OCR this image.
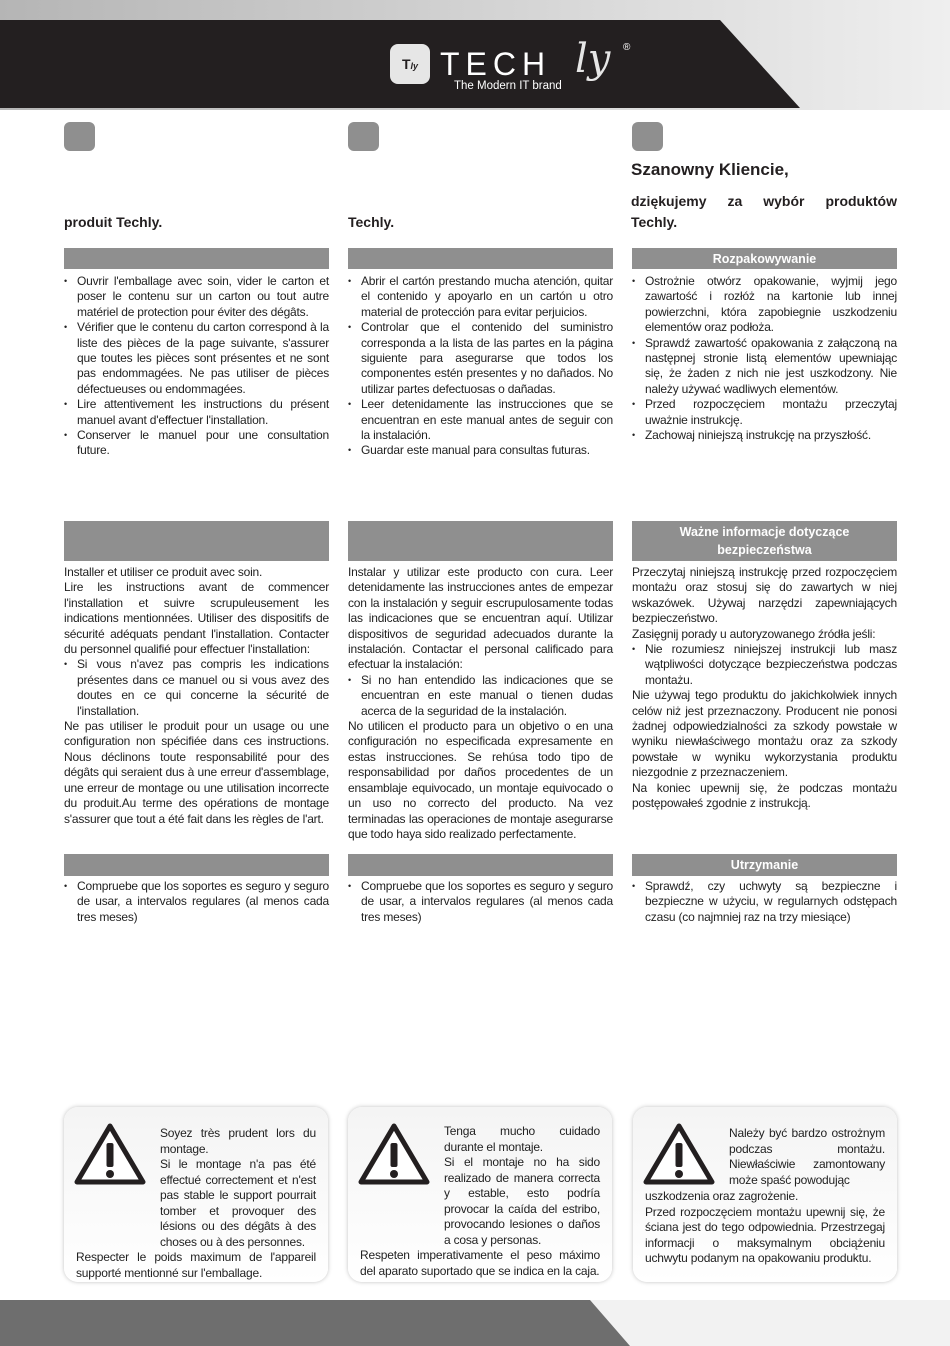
Tly TECH ly ®
The Modern IT brand
produit Techly.	Techly.
Szanowny Kliencie,
dziękujemy za wybór produktów
Techly.
Rozpakowywanie
• Ouvrir l'emballage avec soin, vider le carton et poser le contenu sur un carton ou tout autre matériel de protection pour éviter des dégâts.
• Vérifier que le contenu du carton correspond à la liste des pièces de la page suivante, s'assurer que toutes les pièces sont présentes et ne sont pas endommagées. Ne pas utiliser de pièces défectueuses ou endommagées.
• Lire attentivement les instructions du présent manuel avant d'effectuer l'installation.
• Conserver le manuel pour une consultation future.
• Abrir el cartón prestando mucha atención, quitar el contenido y apoyarlo en un cartón u otro material de protección para evitar perjuicios.
• Controlar que el contenido del suministro corresponda a la lista de las partes en la página siguiente para asegurarse que todos los componentes estén presentes y no dañados. No utilizar partes defectuosas o dañadas.
• Leer detenidamente las instrucciones que se encuentran en este manual antes de seguir con la instalación.
• Guardar este manual para consultas futuras.
• Ostrożnie otwórz opakowanie, wyjmij jego zawartość i rozłóż na kartonie lub innej powierzchni, która zapobiegnie uszkodzeniu elementów oraz podłoża.
• Sprawdź zawartość opakowania z załączoną na następnej stronie listą elementów upewniając się, że żaden z nich nie jest uszkodzony. Nie należy używać wadliwych elementów.
• Przed rozpoczęciem montażu przeczytaj uważnie instrukcję.
• Zachowaj niniejszą instrukcję na przyszłość.
Ważne informacje dotyczące
bezpieczeństwa

Installer et utiliser ce produit avec soin.

Lire les instructions avant de commencer l'installation et suivre scrupuleusement les indications mentionnées. Utiliser des dispositifs de sécurité adéquats pendant l'installation. Contacter du personnel qualifié pour effectuer l'installation:

• Si vous n'avez pas compris les indications présentes dans ce manuel ou si vous avez des doutes en ce qui concerne la sécurité de l'installation.

Ne pas utiliser le produit pour un usage ou une configuration non spécifiée dans ces instructions. Nous déclinons toute responsabilité pour des dégâts qui seraient dus à une erreur d'assemblage, une erreur de montage ou une utilisation incorrecte du produit.Au terme des opérations de montage s'assurer que tout a été fait dans les règles de l'art.

Instalar y utilizar este producto con cura. Leer detenidamente las instrucciones antes de empezar con la instalación y seguir escrupulosamente todas las indicaciones que se encuentran aquí. Utilizar dispositivos de seguridad adecuados durante la instalación. Contactar el personal calificado para efectuar la instalación:

• Si no han entendido las indicaciones que se encuentran en este manual o tienen dudas acerca de la seguridad de la instalación.

No utilicen el producto para un objetivo o en una configuración no especificada expresamente en estas instrucciones. Se rehúsa todo tipo de responsabilidad por daños procedentes de un ensamblaje equivocado, un montaje equivocado o un uso no correcto del producto. Na vez terminadas las operaciones de montaje asegurarse que todo haya sido realizado perfectamente.

Przeczytaj niniejszą instrukcję przed rozpoczęciem montażu oraz stosuj się do zawartych w niej wskazówek. Używaj narzędzi zapewniających bezpieczeństwo.

Zasięgnij porady u autoryzowanego źródła jeśli:

• Nie rozumiesz niniejszej instrukcji lub masz wątpliwości dotyczące bezpieczeństwa podczas montażu.

Nie używaj tego produktu do jakichkolwiek innych celów niż jest przeznaczony. Producent nie ponosi żadnej odpowiedzialności za szkody powstałe w wyniku niewłaściwego montażu oraz za szkody powstałe w wyniku wykorzystania produktu niezgodnie z przeznaczeniem.

Na koniec upewnij się, że podczas montażu postępowałeś zgodnie z instrukcją.

Utrzymanie
• Compruebe que los soportes es seguro y seguro de usar, a intervalos regulares (al menos cada tres meses)
• Compruebe que los soportes es seguro y seguro de usar, a intervalos regulares (al menos cada tres meses)
• Sprawdź, czy uchwyty są bezpieczne i bezpieczne w użyciu, w regularnych odstępach czasu (co najmniej raz na trzy miesiące)
Soyez très prudent lors du montage.

Si le montage n'a pas été effectué correctement et n'est pas stable le support pourrait tomber et provoquer des lésions ou des dégâts à des choses ou à des personnes.

Respecter le poids maximum de l'appareil supporté mentionné sur l'emballage.

Tenga mucho cuidado durante el montaje.

Si el montaje no ha sido realizado de manera correcta y estable, esto podría provocar la caída del estribo, provocando lesiones o daños a cosa y personas.

Respeten imperativamente el peso máximo del aparato suportado que se indica en la caja.

Należy być bardzo ostrożnym podczas montażu. Niewłaściwie zamontowany może spaść powodując

uszkodzenia oraz zagrożenie.

Przed rozpoczęciem montażu upewnij się, że ściana jest do tego odpowiednia. Przestrzegaj informacji o maksymalnym obciążeniu uchwytu podanym na opakowaniu produktu.
